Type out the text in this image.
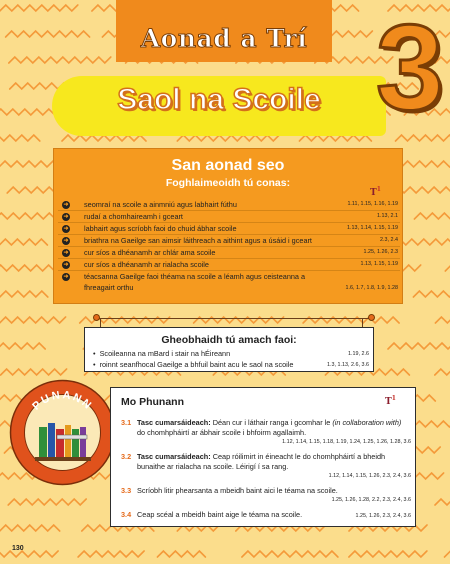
Aonad a Trí
Saol na Scoile 3
San aonad seo
Foghlaimeoidh tú conas:
$T^1$
➜ seomraí na scoile a ainmniú agus labhairt fúthu	1.11, 1.15, 1.16, 1.19
➜ rudaí a chomhaireamh i gceart	1.13, 2.1
➜ labhairt agus scríobh faoi do chuid ábhar scoile	1.13, 1.14, 1.15, 1.19
➜ briathra na Gaeilge san aimsir láithreach a aithint agus a úsáid i gceart	2.3, 2.4
➜ cur síos a dhéanamh ar chlár ama scoile	1.25, 1.26, 2.3
➜ cur síos a dhéanamh ar rialacha scoile	1.13, 1.15, 1.19
➜ téacsanna Gaeilge faoi théama na scoile a léamh agus ceisteanna a fhreagairt orthu	1.6, 1.7, 1.8, 1.9, 1.28
Gheobhaidh tú amach faoi:
• Scoileanna na mBard i stair na hÉireann	1.19, 2.6
• roinnt seanfhocal Gaeilge a bhfuil baint acu le saol na scoile	1.3, 1.13, 2.6, 3.6
PUNANN	Mo Phunann	$T^1$
3.1 Tasc cumarsáideach: Déan cur i láthair ranga i gcomhar le (in collaboration with) do chomhpháirtí ar ábhair scoile i bhfoirm agallaimh.
1.12, 1.14, 1.15, 1.18, 1.19, 1.24, 1.25, 1.26, 1.28, 3.6
3.2 Tasc cumarsáideach: Ceap róilimirt in éineacht le do chomhpháirtí a bheidh bunaithe ar rialacha na scoile. Léirigí í sa rang.
1.12, 1.14, 1.15, 1.26, 2.3, 2.4, 3.6
3.3 Scríobh litir phearsanta a mbeidh baint aici le téama na scoile.
1.25, 1.26, 1.28, 2.2, 2.3, 2.4, 3.6
3.4 Ceap scéal a mbeidh baint aige le téama na scoile.	1.25, 1.26, 2.3, 2.4, 3.6
130
